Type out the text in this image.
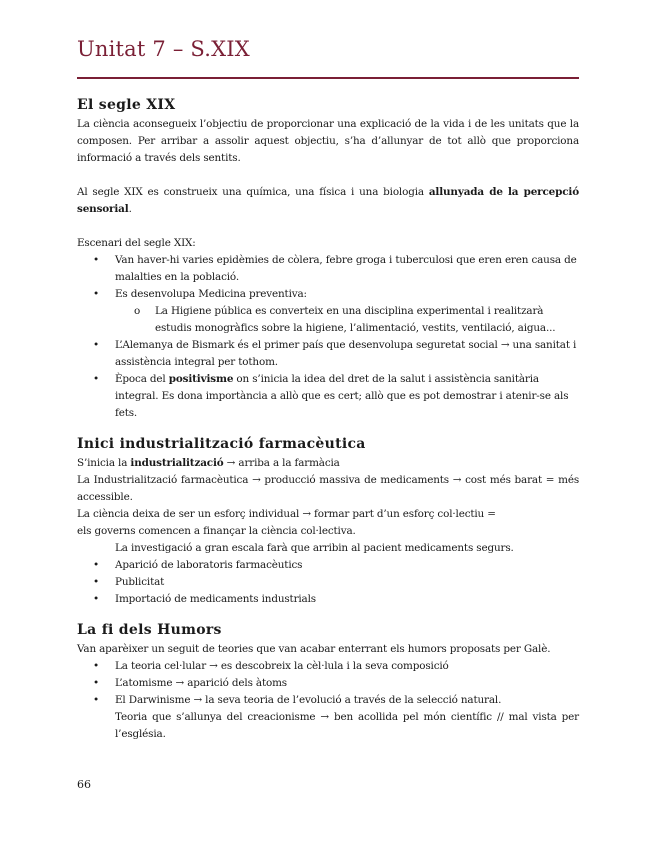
Unitat 7 – S.XIX
El segle XIX

La ciència aconsegueix l’objectiu de proporcionar una explicació de la vida i de les unitats que la composen. Per arribar a assolir aquest objectiu, s’ha d’allunyar de tot allò que proporciona informació a través dels sentits.

Al segle XIX es construeix una química, una física i una biologia allunyada de la percepció sensorial.

Escenari del segle XIX:

• Van haver-hi varies epidèmies de còlera, febre groga i tuberculosi que eren eren causa de malalties en la població.
• Es desenvolupa Medicina preventiva:
o La Higiene pública es converteix en una disciplina experimental i realitzarà estudis monogràfics sobre la higiene, l’alimentació, vestits, ventilació, aigua...
• L’Alemanya de Bismark és el primer país que desenvolupa seguretat social → una sanitat i assistència integral per tothom.
• Època del positivisme on s’inicia la idea del dret de la salut i assistència sanitària integral. Es dona importància a allò que es cert; allò que es pot demostrar i atenir-se als fets.
Inici industrialització farmacèutica

S’inicia la industrialització → arriba a la farmàcia

La Industrialització farmacèutica → producció massiva de medicaments → cost més barat = més accessible.

La ciència deixa de ser un esforç individual → formar part d’un esforç col·lectiu =

els governs comencen a finançar la ciència col·lectiva.

La investigació a gran escala farà que arribin al pacient medicaments segurs.

• Aparició de laboratoris farmacèutics
• Publicitat
• Importació de medicaments industrials
La fi dels Humors

Van aparèixer un seguit de teories que van acabar enterrant els humors proposats per Galè.

• La teoria cel·lular → es descobreix la cèl·lula i la seva composició
• L’atomisme → aparició dels àtoms
• El Darwinisme → la seva teoria de l’evolució a través de la selecció natural.

Teoria que s’allunya del creacionisme → ben acollida pel món científic // mal vista per l’església.

66
